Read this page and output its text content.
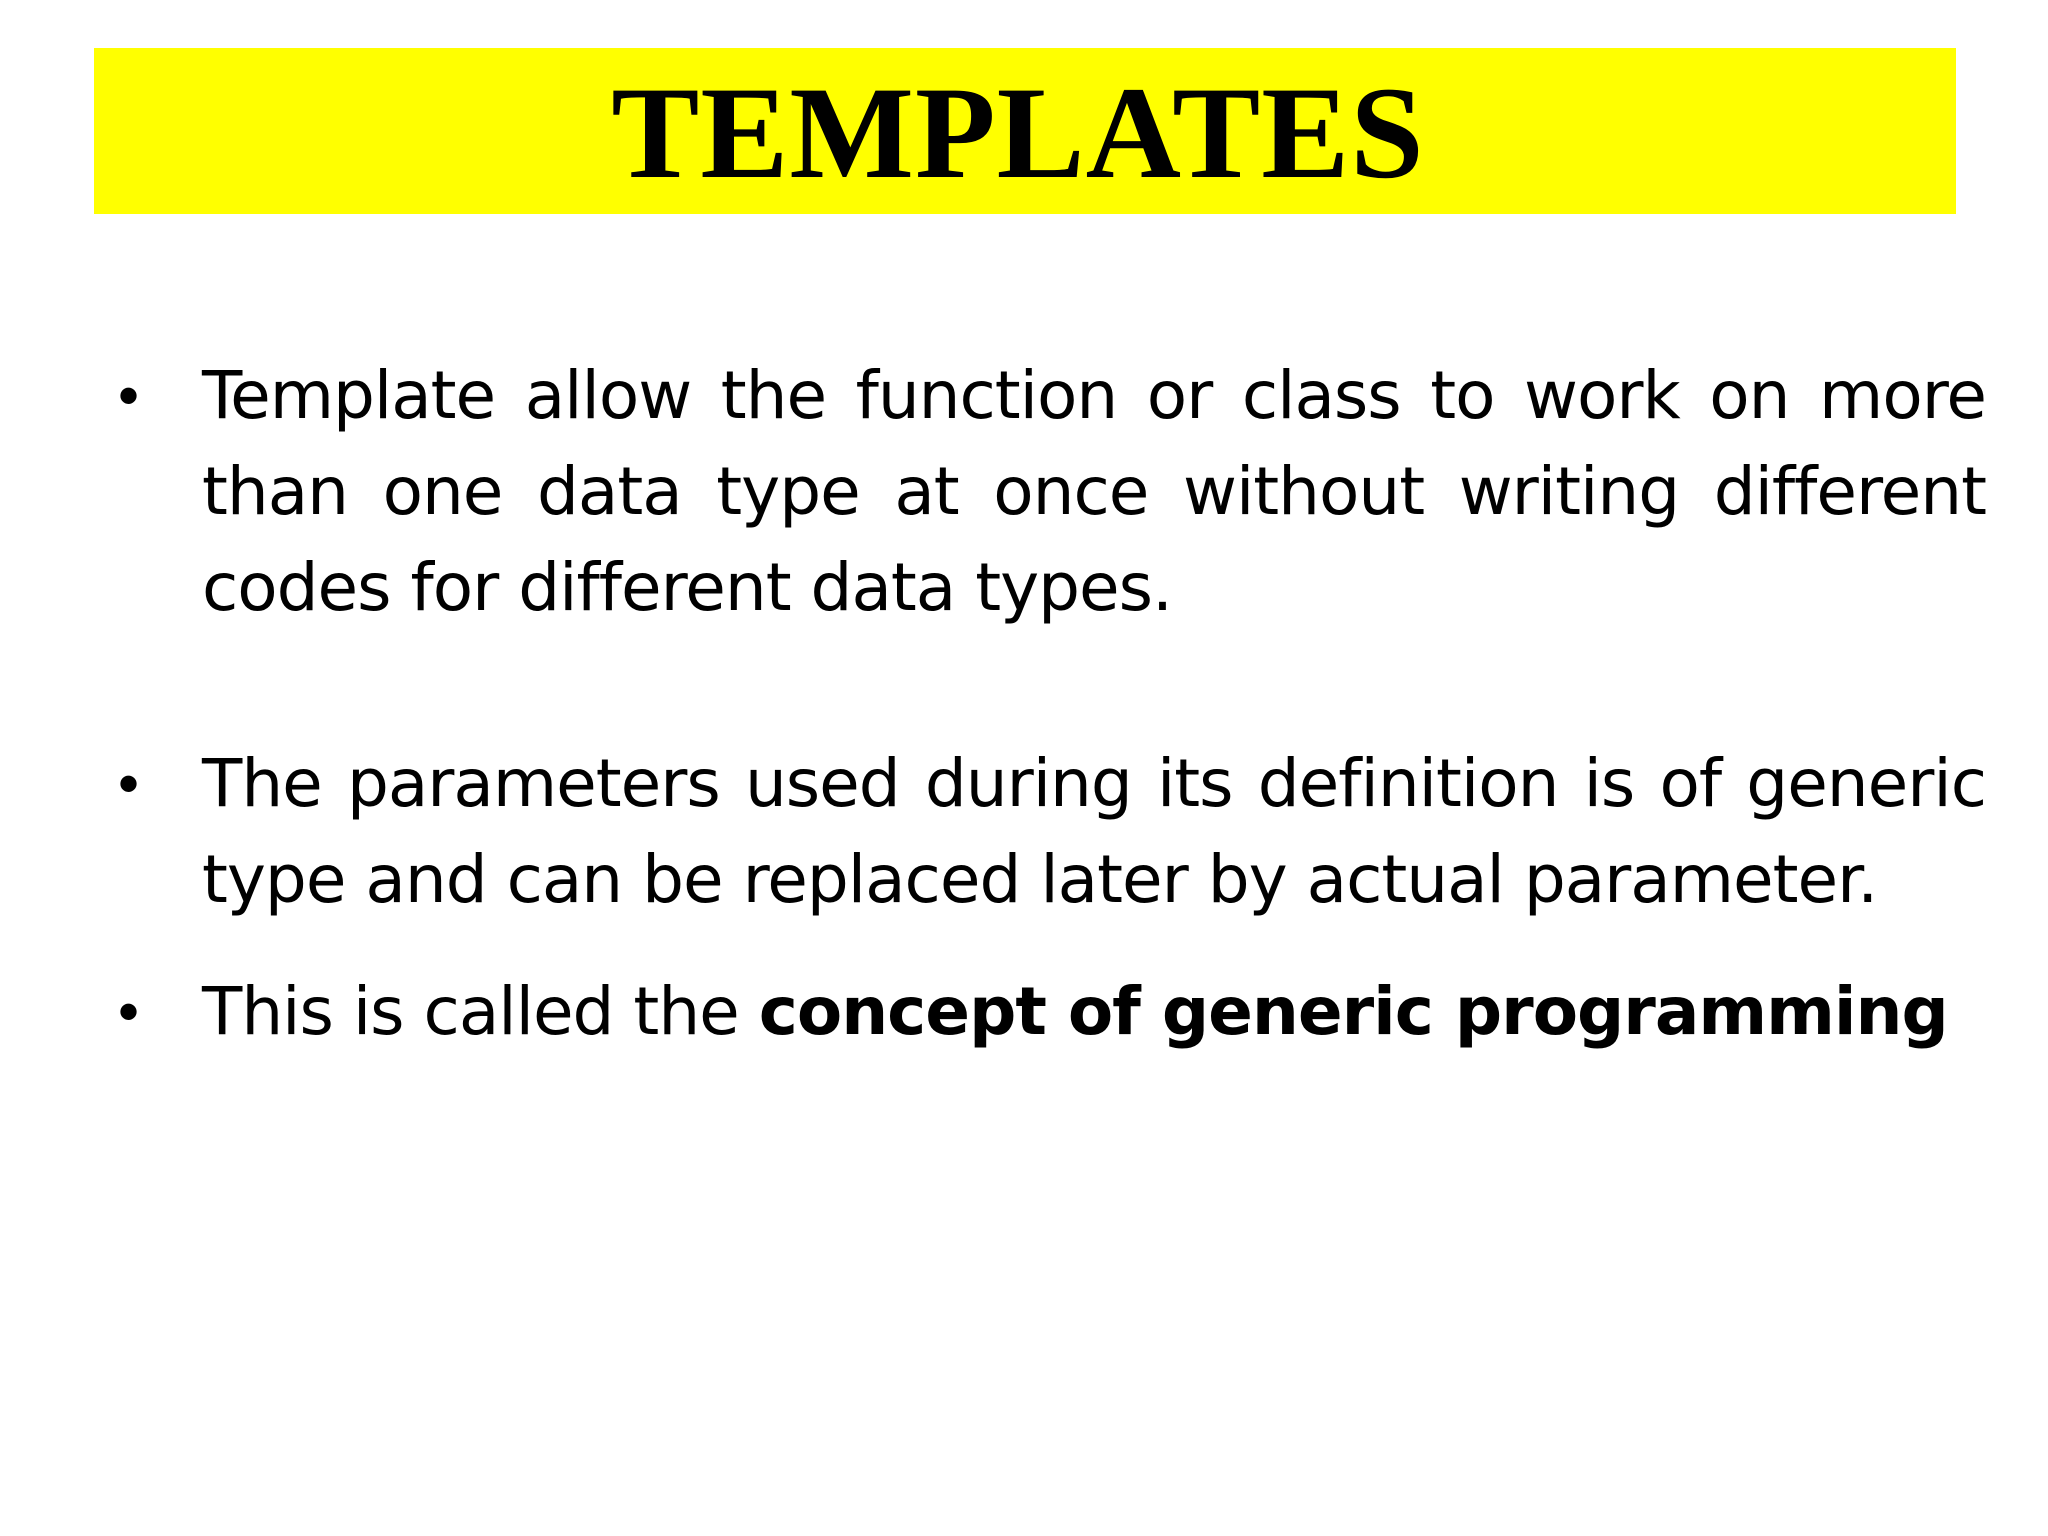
TEMPLATES
• Template allow the function or class to work on more than one data type at once without writing different codes for different data types.

• The parameters used during its definition is of generic type and can be replaced later by actual parameter.

• This is called the concept of generic programming
